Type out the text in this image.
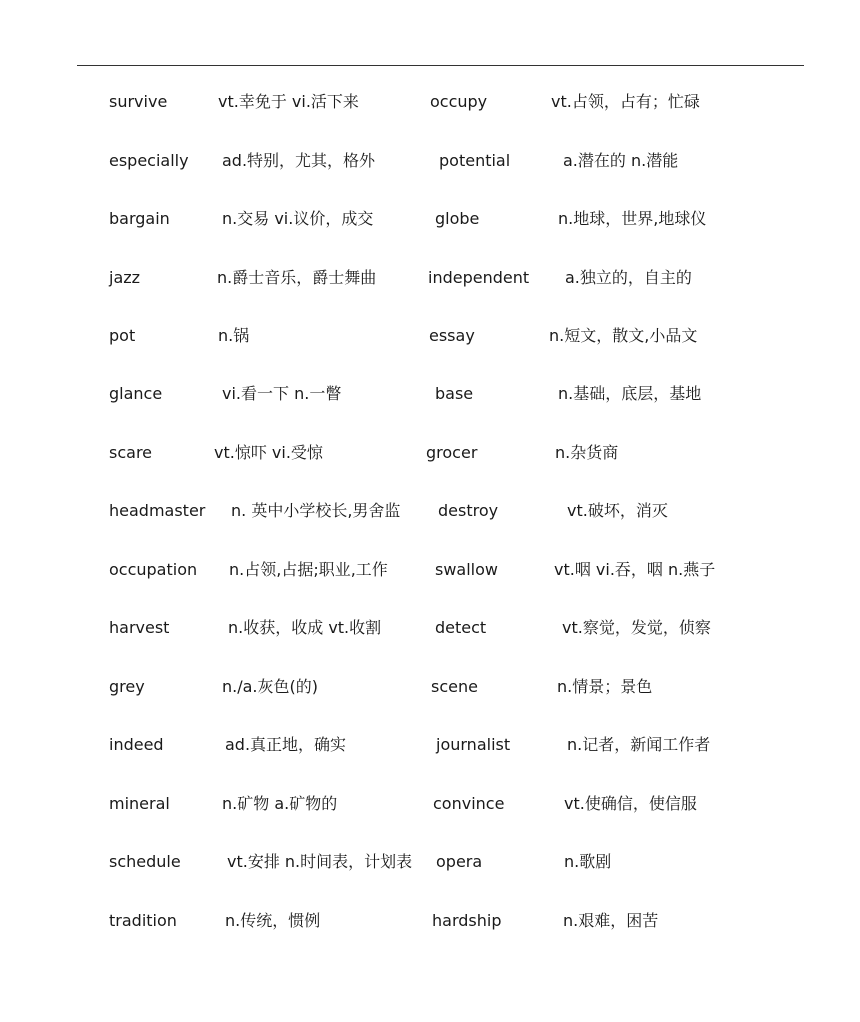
survive	vt.幸免于 vi.活下来	occupy	vt.占领，占有；忙碌
especially ad.特别，尤其，格外	potential	a.潜在的 n.潜能
bargain	n.交易 vi.议价，成交	globe	n.地球，世界,地球仪
jazz	n.爵士音乐，爵士舞曲	independent a.独立的，自主的
pot	n.锅	essay	n.短文，散文,小品文
glance	vi.看一下 n.一瞥	base	n.基础，底层，基地
scare	vt.惊吓 vi.受惊	grocer	n.杂货商
headmaster n. 英中小学校长,男舍监 destroy	vt.破坏，消灭
occupation n.占领,占据;职业,工作	swallow	vt.咽 vi.吞，咽 n.燕子
harvest	n.收获，收成 vt.收割	detect	vt.察觉，发觉，侦察
grey	n./a.灰色(的)	scene	n.情景；景色
indeed	ad.真正地，确实	journalist	n.记者，新闻工作者
mineral	n.矿物 a.矿物的	convince	vt.使确信，使信服
schedule	vt.安排 n.时间表，计划表 opera	n.歌剧
tradition	n.传统，惯例	hardship	n.艰难，困苦
